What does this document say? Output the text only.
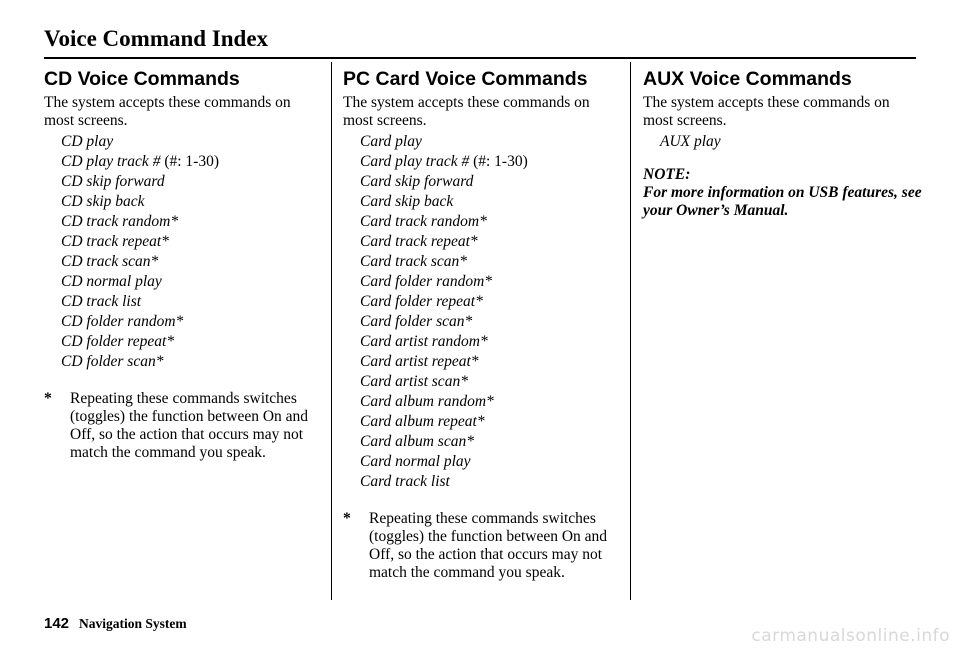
Voice Command Index
CD Voice Commands

The system accepts these commands on most screens.

CD play
CD play track # (#: 1-30)
CD skip forward
CD skip back
CD track random*
CD track repeat*
CD track scan*
CD normal play
CD track list
CD folder random*
CD folder repeat*
CD folder scan*
* Repeating these commands switches (toggles) the function between On and Off, so the action that occurs may not match the command you speak.
PC Card Voice Commands

The system accepts these commands on most screens.

Card play
Card play track # (#: 1-30)
Card skip forward
Card skip back
Card track random*
Card track repeat*
Card track scan*
Card folder random*
Card folder repeat*
Card folder scan*
Card artist random*
Card artist repeat*
Card artist scan*
Card album random*
Card album repeat*
Card album scan*
Card normal play
Card track list
* Repeating these commands switches (toggles) the function between On and Off, so the action that occurs may not match the command you speak.
AUX Voice Commands

The system accepts these commands on most screens.

AUX play
NOTE:
For more information on USB features, see your Owner’s Manual.
142 Navigation System
carmanualsonline.info
